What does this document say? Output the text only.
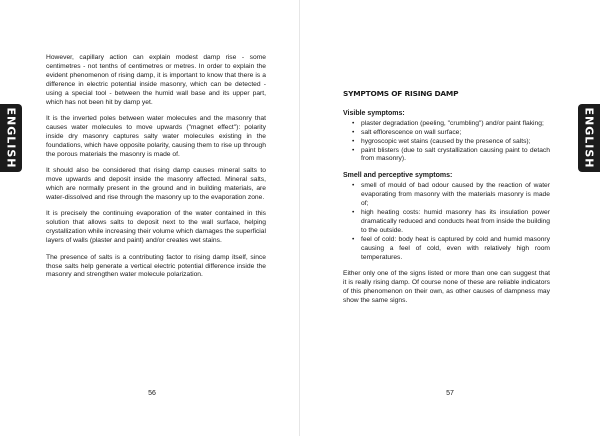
ENGLISH

However, capillary action can explain modest damp rise - some centimetres - not tenths of centimetres or metres. In order to explain the evident phenomenon of rising damp, it is important to know that there is a difference in electric potential inside masonry, which can be detected - using a special tool - between the humid wall base and its upper part, which has not been hit by damp yet.

It is the inverted poles between water molecules and the masonry that causes water molecules to move upwards ("magnet effect"): polarity inside dry masonry captures salty water molecules existing in the foundations, which have opposite polarity, causing them to rise up through the porous materials the masonry is made of.

It should also be considered that rising damp causes mineral salts to move upwards and deposit inside the masonry affected. Mineral salts, which are normally present in the ground and in building materials, are water-dissolved and rise through the masonry up to the evaporation zone.

It is precisely the continuing evaporation of the water contained in this solution that allows salts to deposit next to the wall surface, helping crystallization while increasing their volume which damages the superficial layers of walls (plaster and paint) and/or creates wet stains.

The presence of salts is a contributing factor to rising damp itself, since those salts help generate a vertical electric potential difference inside the masonry and strengthen water molecule polarization.

56
SYMPTOMS OF RISING DAMP
Visible symptoms:
• plaster degradation (peeling, "crumbling") and/or paint flaking;
• salt efflorescence on wall surface;
• hygroscopic wet stains (caused by the presence of salts);
• paint blisters (due to salt crystallization causing paint to detach from masonry).
Smell and perceptive symptoms:
• smell of mould of bad odour caused by the reaction of water evaporating from masonry with the materials masonry is made of;
• high heating costs: humid masonry has its insulation power dramatically reduced and conducts heat from inside the building to the outside.
• feel of cold: body heat is captured by cold and humid masonry causing a feel of cold, even with relatively high room temperatures.

Either only one of the signs listed or more than one can suggest that it is really rising damp. Of course none of these are reliable indicators of this phenomenon on their own, as other causes of dampness may show the same signs.

ENGLISH
57
